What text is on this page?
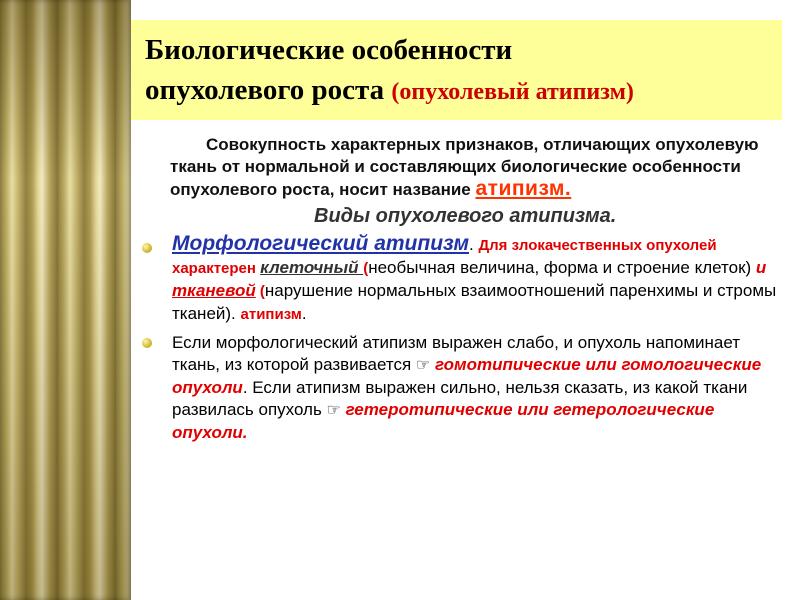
Биологические особенности
опухолевого роста (опухолевый атипизм)

Совокупность характерных признаков, отличающих опухолевую ткань от нормальной и составляющих биологические особенности опухолевого роста, носит название атипизм.

Виды опухолевого атипизма.

Морфологический атипизм. Для злокачественных опухолей характерен клеточный (необычная величина, форма и строение клеток) и тканевой (нарушение нормальных взаимоотношений паренхимы и стромы тканей). атипизм.
Если морфологический атипизм выражен слабо, и опухоль напоминает ткань, из которой развивается ☞ гомотипические или гомологические опухоли. Если атипизм выражен сильно, нельзя сказать, из какой ткани развилась опухоль ☞ гетеротипические или гетерологические опухоли.
